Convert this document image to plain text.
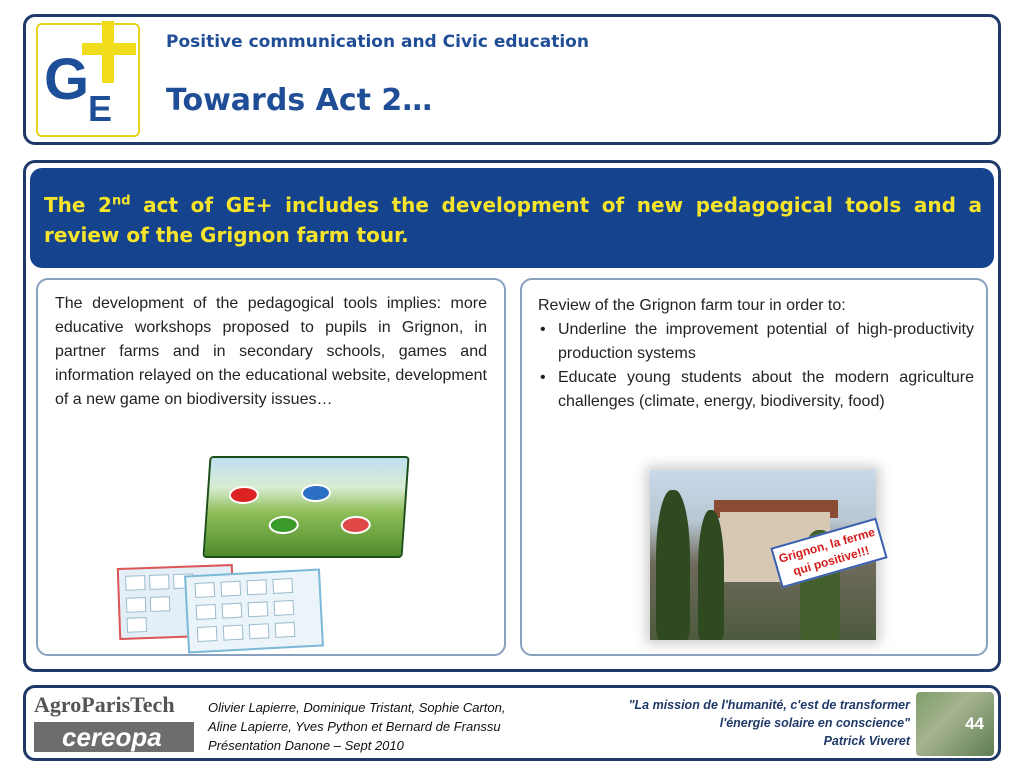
G
E
Positive communication and Civic education
Towards Act 2…
The 2nd act of GE+ includes the development of new pedagogical tools and a review of the Grignon farm tour.
The development of the pedagogical tools implies: more educative workshops proposed to pupils in Grignon, in partner farms and in secondary schools, games and information relayed on the educational website, development of a new game on biodiversity issues…
Review of the Grignon farm tour in order to:
• Underline the improvement potential of high-productivity production systems
• Educate young students about the modern agriculture challenges (climate, energy, biodiversity, food)
Grignon, la ferme qui positive!!!
AgroParisTech
cereopa
Olivier Lapierre, Dominique Tristant, Sophie Carton,
Aline Lapierre, Yves Python et Bernard de Franssu
Présentation Danone – Sept 2010
"La mission de l'humanité, c'est de transformer
l'énergie solaire en conscience"
Patrick Viveret
44
